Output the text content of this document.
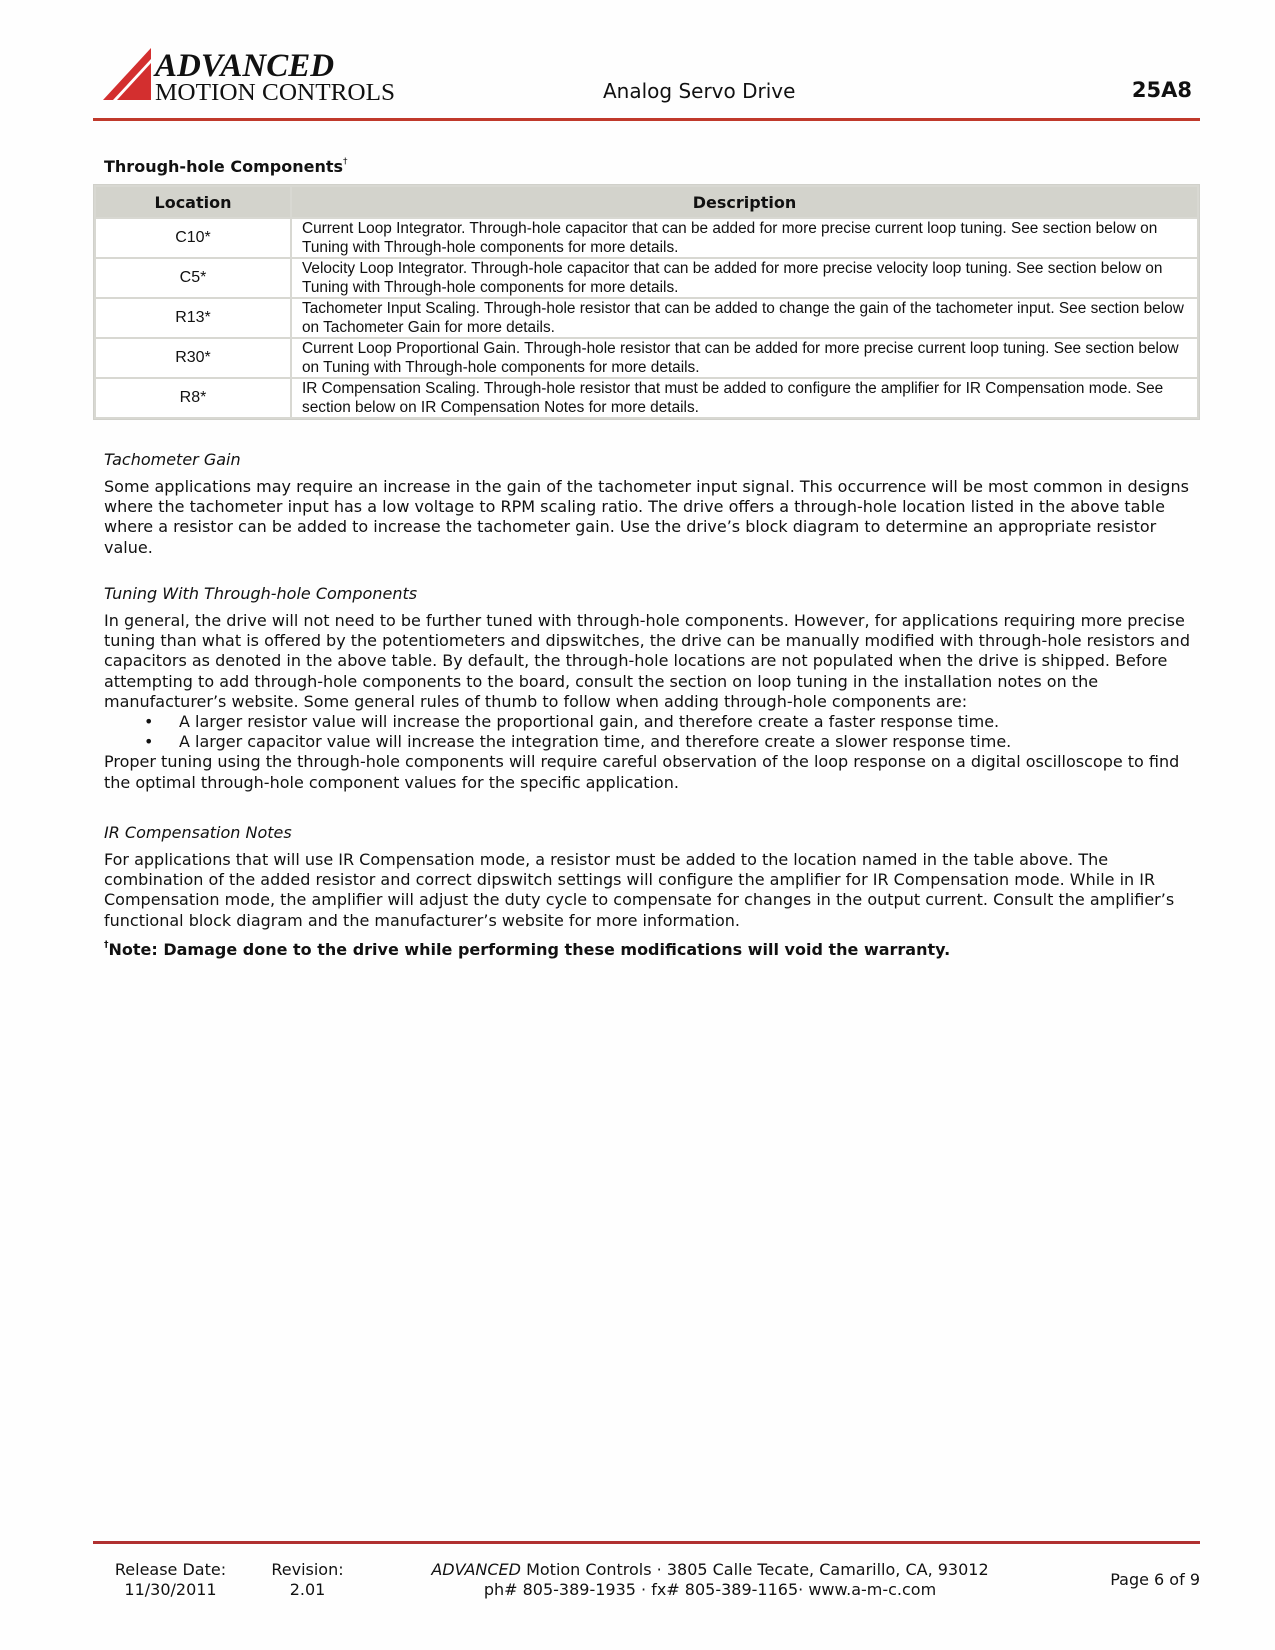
ADVANCED
MOTION CONTROLS	Analog Servo Drive	25A8
Through-hole Components†
Location	Description
C10*	Current Loop Integrator. Through-hole capacitor that can be added for more precise current loop tuning. See section below on Tuning with Through-hole components for more details.
C5*	Velocity Loop Integrator. Through-hole capacitor that can be added for more precise velocity loop tuning. See section below on Tuning with Through-hole components for more details.
R13*	Tachometer Input Scaling. Through-hole resistor that can be added to change the gain of the tachometer input. See section below on Tachometer Gain for more details.
R30*	Current Loop Proportional Gain. Through-hole resistor that can be added for more precise current loop tuning. See section below on Tuning with Through-hole components for more details.
R8*	IR Compensation Scaling. Through-hole resistor that must be added to configure the amplifier for IR Compensation mode. See section below on IR Compensation Notes for more details.
Tachometer Gain
Some applications may require an increase in the gain of the tachometer input signal. This occurrence will be most common in designs where the tachometer input has a low voltage to RPM scaling ratio. The drive offers a through-hole location listed in the above table where a resistor can be added to increase the tachometer gain. Use the drive’s block diagram to determine an appropriate resistor value.
Tuning With Through-hole Components
In general, the drive will not need to be further tuned with through-hole components. However, for applications requiring more precise tuning than what is offered by the potentiometers and dipswitches, the drive can be manually modified with through-hole resistors and capacitors as denoted in the above table. By default, the through-hole locations are not populated when the drive is shipped. Before attempting to add through-hole components to the board, consult the section on loop tuning in the installation notes on the manufacturer’s website. Some general rules of thumb to follow when adding through-hole components are:
• A larger resistor value will increase the proportional gain, and therefore create a faster response time.
• A larger capacitor value will increase the integration time, and therefore create a slower response time.
Proper tuning using the through-hole components will require careful observation of the loop response on a digital oscilloscope to find the optimal through-hole component values for the specific application.
IR Compensation Notes
For applications that will use IR Compensation mode, a resistor must be added to the location named in the table above. The combination of the added resistor and correct dipswitch settings will configure the amplifier for IR Compensation mode. While in IR Compensation mode, the amplifier will adjust the duty cycle to compensate for changes in the output current. Consult the amplifier’s functional block diagram and the manufacturer’s website for more information.
†Note: Damage done to the drive while performing these modifications will void the warranty.
Release Date:
11/30/2011
Revision:
2.01
ADVANCED Motion Controls · 3805 Calle Tecate, Camarillo, CA, 93012
ph# 805-389-1935 · fx# 805-389-1165· www.a-m-c.com
Page 6 of 9
